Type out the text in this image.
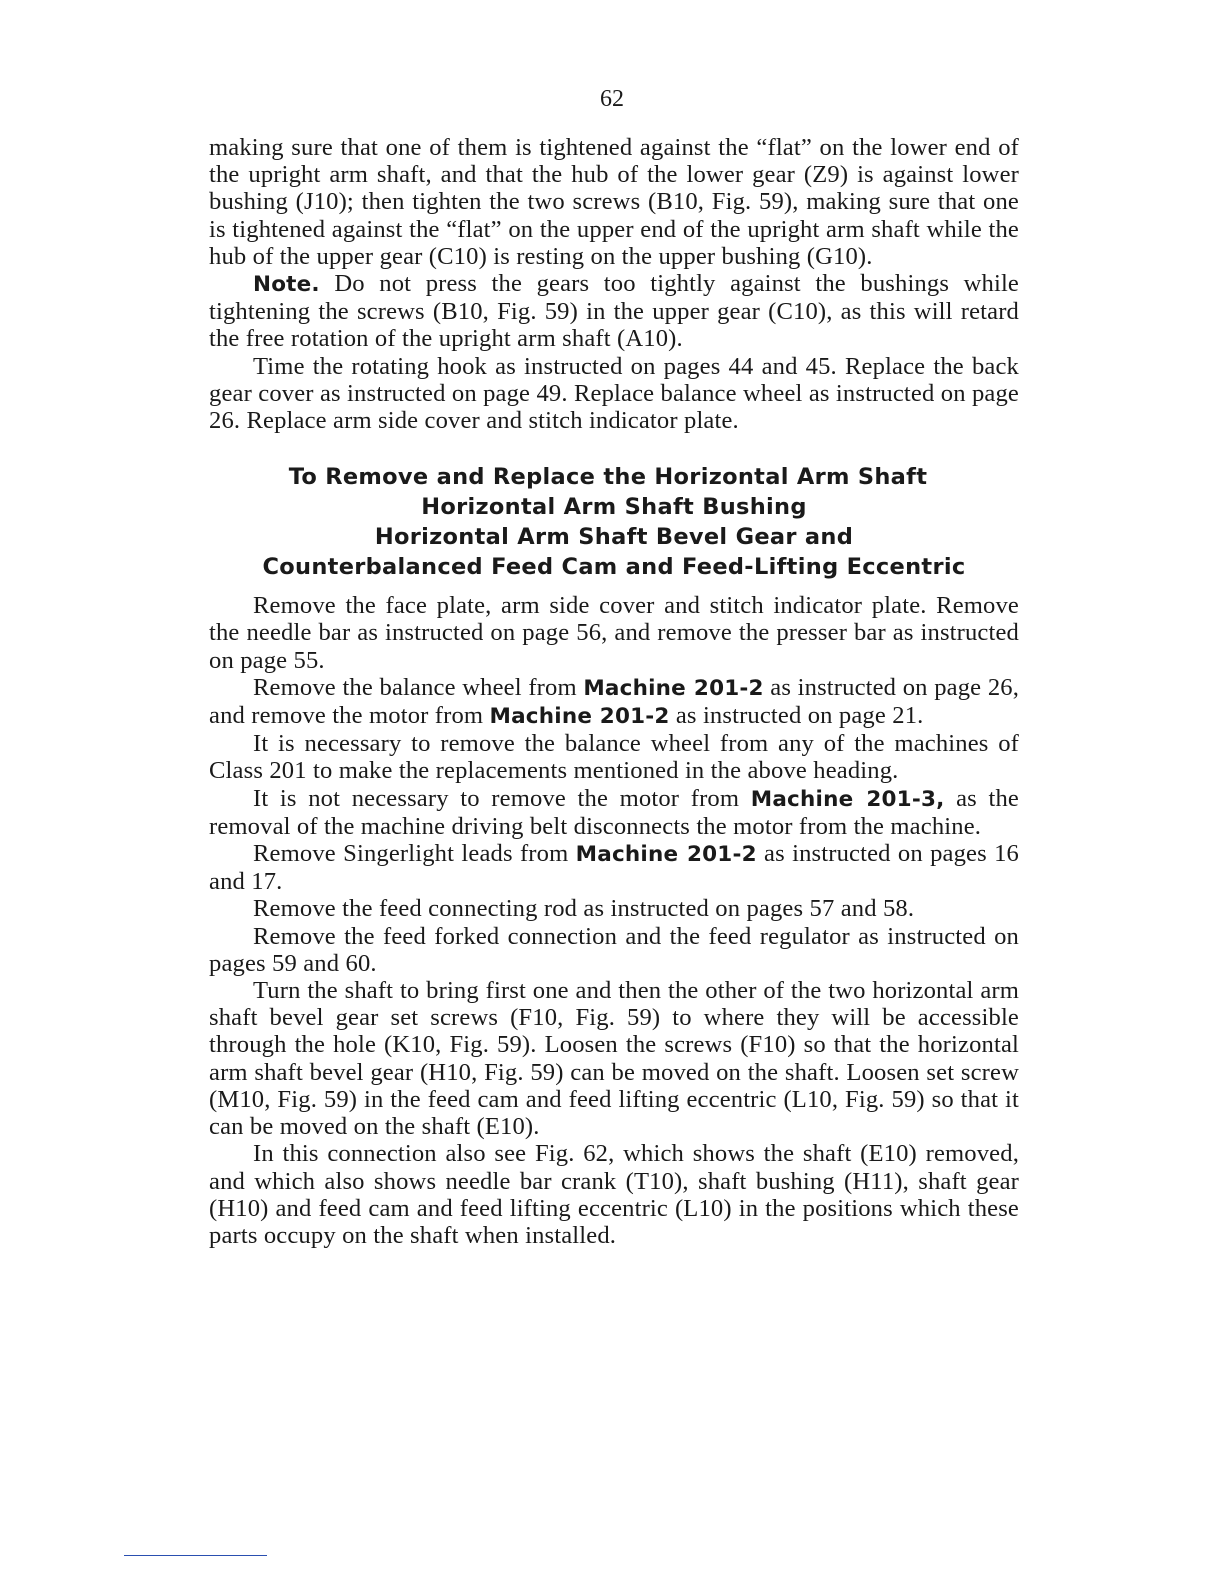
62

making sure that one of them is tightened against the “flat” on the lower end of the upright arm shaft, and that the hub of the lower gear (Z9) is against lower bushing (J10); then tighten the two screws (B10, Fig. 59), making sure that one is tightened against the “flat” on the upper end of the upright arm shaft while the hub of the upper gear (C10) is resting on the upper bushing (G10).

Note. Do not press the gears too tightly against the bushings while tightening the screws (B10, Fig. 59) in the upper gear (C10), as this will retard the free rotation of the upright arm shaft (A10).

Time the rotating hook as instructed on pages 44 and 45. Replace the back gear cover as instructed on page 49. Replace balance wheel as instructed on page 26. Replace arm side cover and stitch indicator plate.

To Remove and Replace the Horizontal Arm Shaft
Horizontal Arm Shaft Bushing
Horizontal Arm Shaft Bevel Gear and
Counterbalanced Feed Cam and Feed-Lifting Eccentric

Remove the face plate, arm side cover and stitch indicator plate. Remove the needle bar as instructed on page 56, and remove the presser bar as instructed on page 55.

Remove the balance wheel from Machine 201-2 as instructed on page 26, and remove the motor from Machine 201-2 as instructed on page 21.

It is necessary to remove the balance wheel from any of the machines of Class 201 to make the replacements mentioned in the above heading.

It is not necessary to remove the motor from Machine 201-3, as the removal of the machine driving belt disconnects the motor from the machine.

Remove Singerlight leads from Machine 201-2 as instructed on pages 16 and 17.

Remove the feed connecting rod as instructed on pages 57 and 58.

Remove the feed forked connection and the feed regulator as instructed on pages 59 and 60.

Turn the shaft to bring first one and then the other of the two horizontal arm shaft bevel gear set screws (F10, Fig. 59) to where they will be accessible through the hole (K10, Fig. 59). Loosen the screws (F10) so that the horizontal arm shaft bevel gear (H10, Fig. 59) can be moved on the shaft. Loosen set screw (M10, Fig. 59) in the feed cam and feed lifting eccentric (L10, Fig. 59) so that it can be moved on the shaft (E10).

In this connection also see Fig. 62, which shows the shaft (E10) removed, and which also shows needle bar crank (T10), shaft bushing (H11), shaft gear (H10) and feed cam and feed lifting eccentric (L10) in the positions which these parts occupy on the shaft when installed.
